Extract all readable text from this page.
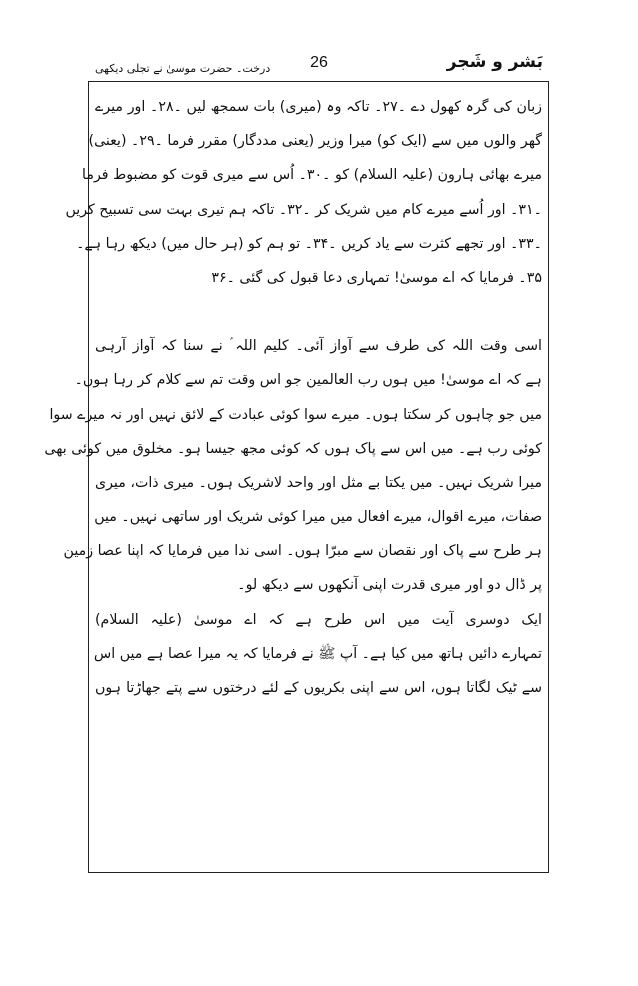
بَشر و شَجر
26
درخت۔ حضرت موسیٰ نے تجلی دیکھی
زبان کی گرہ کھول دے ۔۲۷۔ تاکہ وہ (میری) بات سمجھ لیں ۔۲۸۔ اور میرے
گھر والوں میں سے (ایک کو) میرا وزیر (یعنی مددگار) مقرر فرما ۔۲۹۔ (یعنی)
میرے بھائی ہارون (علیہ السلام) کو ۔۳۰۔ اُس سے میری قوت کو مضبوط فرما
۔۳۱۔ اور اُسے میرے کام میں شریک کر ۔۳۲۔ تاکہ ہم تیری بہت سی تسبیح کریں
۔۳۳۔ اور تجھے کثرت سے یاد کریں ۔۳۴۔ تو ہم کو (ہر حال میں) دیکھ رہا ہے۔
۳۵۔ فرمایا کہ اے موسیٰ! تمہاری دعا قبول کی گئی ۔۳۶
اسی وقت اللہ کی طرف سے آواز آئی۔ کلیم اللہ ؑ نے سنا کہ آواز آرہی
ہے کہ اے موسیٰ! میں ہوں رب العالمین جو اس وقت تم سے کلام کر رہا ہوں۔
میں جو چاہوں کر سکتا ہوں۔ میرے سوا کوئی عبادت کے لائق نہیں اور نہ میرے سوا
کوئی رب ہے۔ میں اس سے پاک ہوں کہ کوئی مجھ جیسا ہو۔ مخلوق میں کوئی بھی
میرا شریک نہیں۔ میں یکتا بے مثل اور واحد لاشریک ہوں۔ میری ذات، میری
صفات، میرے اقوال، میرے افعال میں میرا کوئی شریک اور ساتھی نہیں۔ میں
ہر طرح سے پاک اور نقصان سے مبرّا ہوں۔ اسی ندا میں فرمایا کہ اپنا عصا زمین
پر ڈال دو اور میری قدرت اپنی آنکھوں سے دیکھ لو۔
ایک دوسری آیت میں اس طرح ہے کہ اے موسیٰ (علیہ السلام)
تمہارے دائیں ہاتھ میں کیا ہے۔ آپ ﷺ نے فرمایا کہ یہ میرا عصا ہے میں اس
سے ٹیک لگاتا ہوں، اس سے اپنی بکریوں کے لئے درختوں سے پتے جھاڑتا ہوں
